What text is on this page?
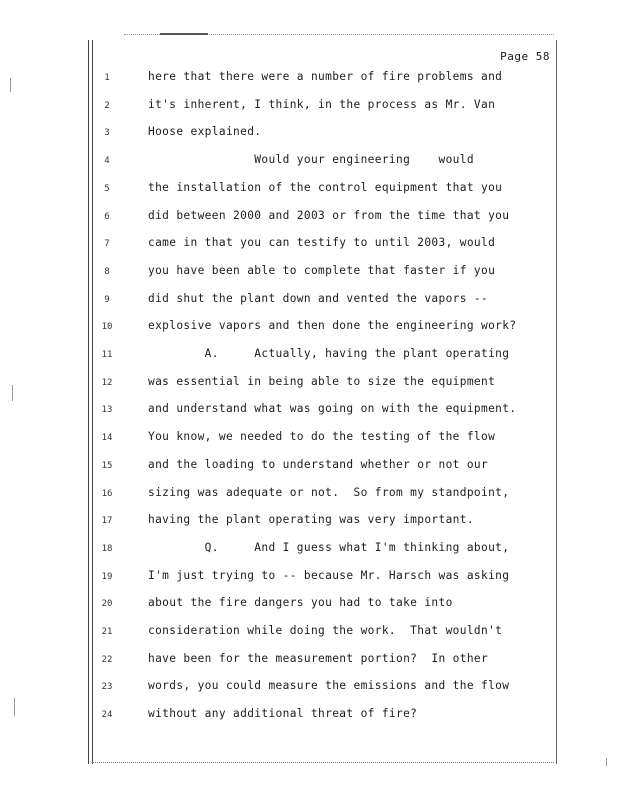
Page 58
1	here that there were a number of fire problems and
2	it's inherent, I think, in the process as Mr. Van
3	Hoose explained.
4	Would your engineering    would
5	the installation of the control equipment that you
6	did between 2000 and 2003 or from the time that you
7	came in that you can testify to until 2003, would
8	you have been able to complete that faster if you
9	did shut the plant down and vented the vapors --
10	explosive vapors and then done the engineering work?
11	A.     Actually, having the plant operating
12	was essential in being able to size the equipment
13	and understand what was going on with the equipment.
14	You know, we needed to do the testing of the flow
15	and the loading to understand whether or not our
16	sizing was adequate or not.  So from my standpoint,
17	having the plant operating was very important.
18	Q.     And I guess what I'm thinking about,
19	I'm just trying to -- because Mr. Harsch was asking
20	about the fire dangers you had to take into
21	consideration while doing the work.  That wouldn't
22	have been for the measurement portion?  In other
23	words, you could measure the emissions and the flow
24	without any additional threat of fire?
